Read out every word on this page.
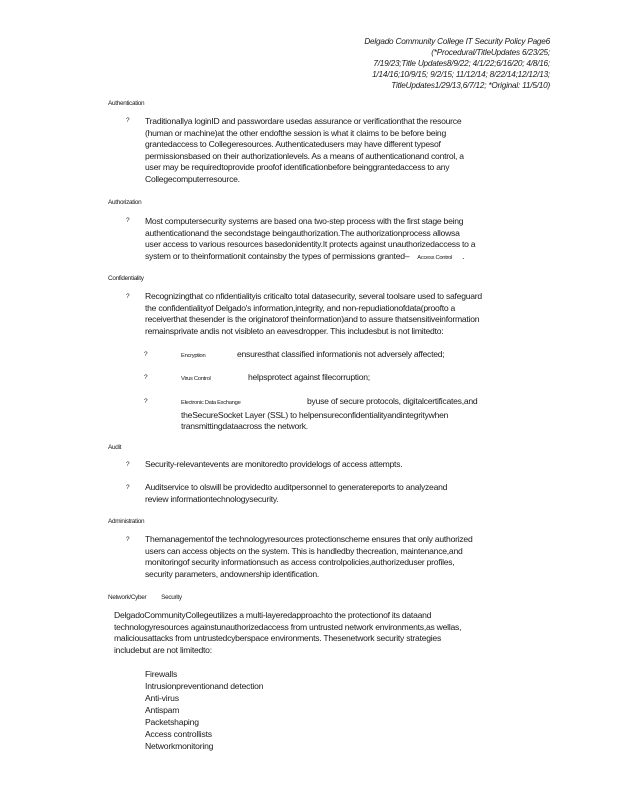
Delgado Community College IT Security Policy Page6
(*Procedural/TitleUpdates 6/23/25;
7/19/23;Title Updates8/9/22; 4/1/22;6/16/20; 4/8/16;
1/14/16;10/9/15; 9/2/15; 11/12/14; 8/22/14;12/12/13;
TitleUpdates1/29/13,6/7/12; *Original: 11/5/10)
Authentication
? Traditionallya loginID and passwordare usedas assurance or verificationthat the resource
(human or machine)at the other endofthe session is what it claims to be before being
grantedaccess to Collegeresources. Authenticatedusers may have different typesof
permissionsbased on their authorizationlevels. As a means of authenticationand control, a
user may be requiredtoprovide proofof identificationbefore beinggrantedaccess to any
Collegecomputerresource.
Authorization
? Most computersecurity systems are based ona two-step process with the first stage being
authenticationand the secondstage beingauthorization.The authorizationprocess allowsa
user access to various resources basedonidentity.It protects against unauthorizedaccess to a
system or to theinformationit containsby the types of permissions granted– Access Control .
Confidentiality
? Recognizingthat co nfidentialityis criticalto total datasecurity, several toolsare used to safeguard
the confidentialityof Delgado's information,integrity, and non-repudiationofdata(proofto a
receiverthat thesender is the originatorof theinformation)and to assure thatsensitiveinformation
remainsprivate andis not visibleto an eavesdropper. This includesbut is not limitedto:
?	Encryption	ensuresthat classified informationis not adversely affected;
?	Virus Control	helpsprotect against filecorruption;
?	Electronic Data Exchange	byuse of secure protocols, digitalcertificates,and
theSecureSocket Layer (SSL) to helpensureconfidentialityandintegritywhen
transmittingdataacross the network.
Audit
? Security-relevantevents are monitoredto providelogs of access attempts.
? Auditservice to olswill be providedto auditpersonnel to generatereports to analyzeand
review informationtechnologysecurity.
Administration
? Themanagementof the technologyresources protectionscheme ensures that only authorized
users can access objects on the system. This is handledby thecreation, maintenance,and
monitoringof security informationsuch as access controlpolicies,authorizeduser profiles,
security parameters, andownership identification.
Network/Cyber          Security
DelgadoCommunityCollegeutilizes a multi-layeredapproachto the protectionof its dataand
technologyresources againstunauthorizedaccess from untrusted network environments,as wellas,
maliciousattacks from untrustedcyberspace environments. Thesenetwork security strategies
includebut are not limitedto:
Firewalls
Intrusionpreventionand detection
Anti-virus
Antispam
Packetshaping
Access controllists
Networkmonitoring
